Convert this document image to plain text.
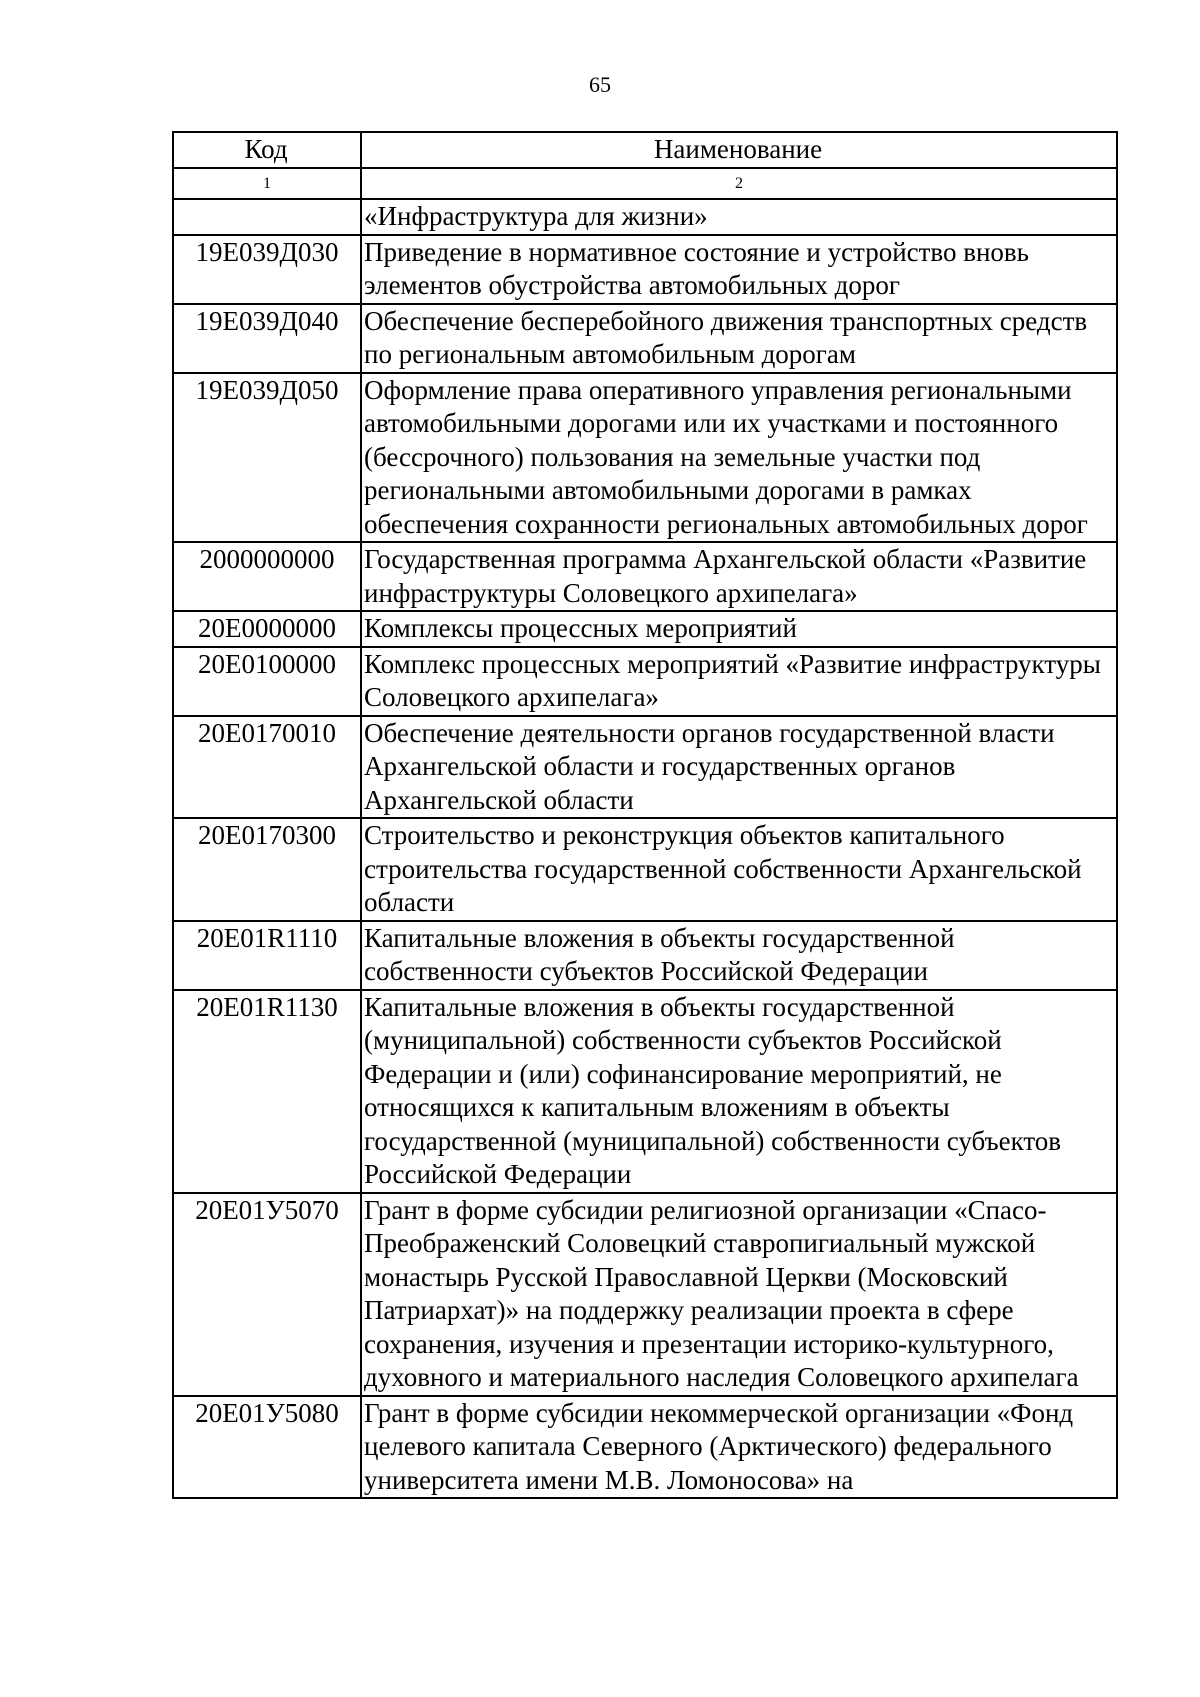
65
Код	Наименование
1	2
	«Инфраструктура для жизни»
19Е039Д030	Приведение в нормативное состояние и устройство вновь элементов обустройства автомобильных дорог
19Е039Д040	Обеспечение бесперебойного движения транспортных средств по региональным автомобильным дорогам
19Е039Д050	Оформление права оперативного управления региональными автомобильными дорогами или их участками и постоянного (бессрочного) пользования на земельные участки под региональными автомобильными дорогами в рамках обеспечения сохранности региональных автомобильных дорог
2000000000	Государственная программа Архангельской области «Развитие инфраструктуры Соловецкого архипелага»
20Е0000000	Комплексы процессных мероприятий
20Е0100000	Комплекс процессных мероприятий «Развитие инфраструктуры Соловецкого архипелага»
20Е0170010	Обеспечение деятельности органов государственной власти Архангельской области и государственных органов Архангельской области
20Е0170300	Строительство и реконструкция объектов капитального строительства государственной собственности Архангельской области
20Е01R1110	Капитальные вложения в объекты государственной собственности субъектов Российской Федерации
20Е01R1130	Капитальные вложения в объекты государственной (муниципальной) собственности субъектов Российской Федерации и (или) софинансирование мероприятий, не относящихся к капитальным вложениям в объекты государственной (муниципальной) собственности субъектов Российской Федерации
20Е01У5070	Грант в форме субсидии религиозной организации «Спасо-Преображенский Соловецкий ставропигиальный мужской монастырь Русской Православной Церкви (Московский Патриархат)» на поддержку реализации проекта в сфере сохранения, изучения и презентации историко-культурного, духовного и материального наследия Соловецкого архипелага
20Е01У5080	Грант в форме субсидии некоммерческой организации «Фонд целевого капитала Северного (Арктического) федерального университета имени М.В. Ломоносова» на
